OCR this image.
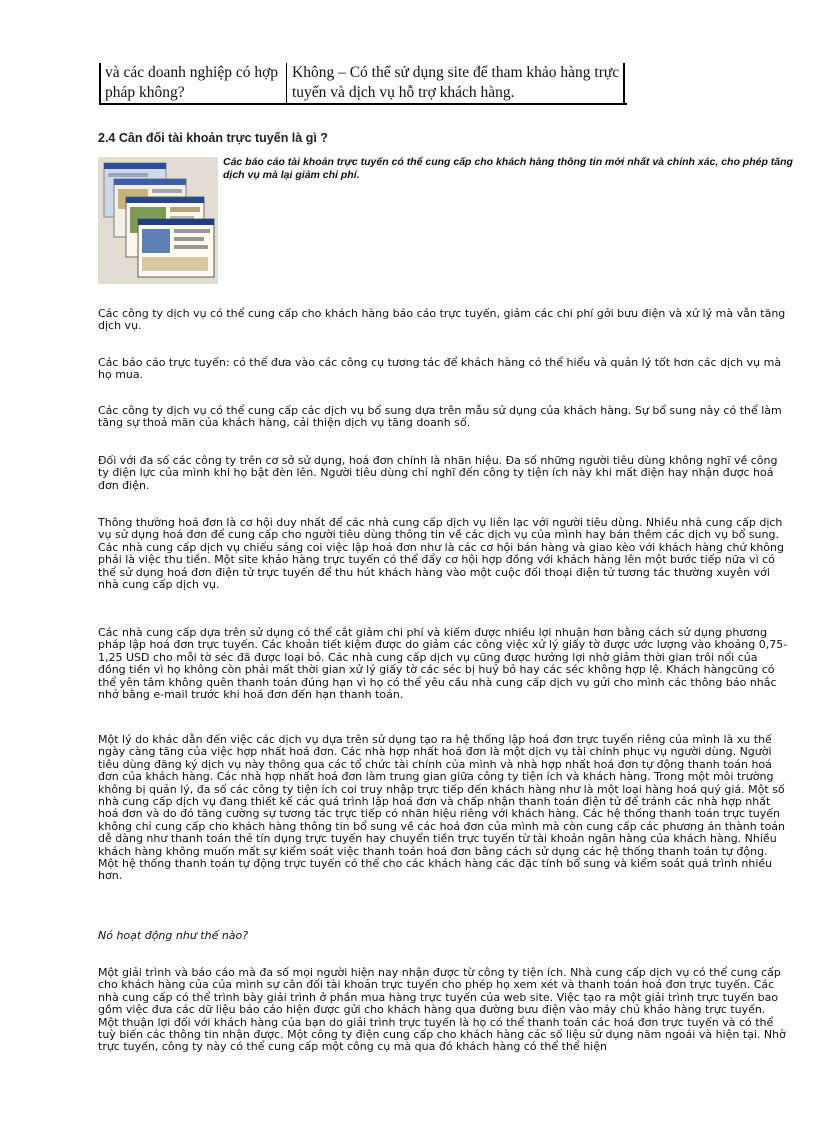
và các doanh nghiệp có hợp pháp không?
Không – Có thể sử dụng site để tham khảo hàng trực tuyến và dịch vụ hỗ trợ khách hàng.
2.4 Cân đối tài khoản trực tuyến là gì ?
Các báo cáo tài khoản trực tuyến có thể cung cấp cho khách hàng thông tin mới nhất và chính xác, cho phép tăng dịch vụ mà lại giảm chi phí.

Các công ty dịch vụ có thể cung cấp cho khách hàng báo cáo trực tuyến, giảm các chi phí gởi bưu điện và xử lý mà vẫn tăng dịch vụ.

Các báo cáo trực tuyến: có thể đưa vào các công cụ tương tác để khách hàng có thể hiểu và quản lý tốt hơn các dịch vụ mà họ mua.

Các công ty dịch vụ có thể cung cấp các dịch vụ bổ sung dựa trên mẫu sử dụng của khách hàng. Sự bổ sung này có thể làm tăng sự thoả mãn của khách hàng, cải thiện dịch vụ tăng doanh số.

Đối với đa số các công ty trên cơ sở sử dụng, hoá đơn chính là nhãn hiệu. Đa số những người tiêu dùng không nghĩ về công ty điện lực của mình khi họ bật đèn lên. Người tiêu dùng chỉ nghĩ đến công ty tiện ích này khi mất điện hay nhận được hoá đơn điện.

Thông thường hoá đơn là cơ hội duy nhất để các nhà cung cấp dịch vụ liên lạc với người tiêu dùng. Nhiều nhà cung cấp dịch vụ sử dụng hoá đơn để cung cấp cho người tiêu dùng thông tin về các dịch vụ của mình hay bán thêm các dịch vụ bổ sung. Các nhà cung cấp dịch vụ chiếu sáng coi việc lập hoá đơn như là các cơ hội bán hàng và giao kèo với khách hàng chứ không phải là việc thu tiền. Một site khảo hàng trực tuyến có thể đẩy cơ hội hợp đồng với khách hàng lên một bước tiếp nữa vì có thể sử dụng hoá đơn điện tử trực tuyến để thu hút khách hàng vào một cuộc đối thoại điện tử tương tác thường xuyên với nhà cung cấp dịch vụ.

Các nhà cung cấp dựa trên sử dụng có thể cắt giảm chi phí và kiếm được nhiều lợi nhuận hơn bằng cách sử dụng phương pháp lập hoá đơn trực tuyến. Các khoản tiết kiệm được do giảm các công việc xử lý giấy tờ được ước lượng vào khoảng 0,75- 1,25 USD cho mỗi tờ séc đã được loại bỏ. Các nhà cung cấp dịch vụ cũng được hưởng lợi nhờ giảm thời gian trôi nổi của đồng tiền vì họ không còn phải mất thời gian xử lý giấy tờ các séc bị huỷ bỏ hay các séc không hợp lệ. Khách hàngcũng có thể yên tâm không quên thanh toán đúng hạn vì họ có thể yêu cầu nhà cung cấp dịch vụ gửi cho mình các thông báo nhắc nhở bằng e-mail trước khi hoá đơn đến hạn thanh toán.

Một lý do khác dẫn đến việc các dịch vụ dựa trên sử dụng tạo ra hệ thống lập hoá đơn trực tuyến riêng của mình là xu thế ngày càng tăng của việc hợp nhất hoá đơn. Các nhà hợp nhất hoá đơn là một dịch vụ tài chính phục vụ người dùng. Người tiêu dùng đăng ký dịch vụ này thông qua các tổ chức tài chính của mình và nhà hợp nhất hoá đơn tự động thanh toán hoá đơn của khách hàng. Các nhà hợp nhất hoá đơn làm trung gian giữa công ty tiện ích và khách hàng. Trong một môi trường không bị quản lý, đa số các công ty tiện ích coi truy nhập trực tiếp đến khách hàng như là một loại hàng hoá quý giá. Một số nhà cung cấp dịch vụ đang thiết kế các quá trình lập hoá đơn và chấp nhận thanh toán điện tử để tránh các nhà hợp nhất hoá đơn và do đó tăng cường sự tương tác trực tiếp có nhãn hiệu riêng với khách hàng. Các hệ thống thanh toán trực tuyến không chỉ cung cấp cho khách hàng thông tin bổ sung về các hoá đơn của mình mà còn cung cấp các phương án thành toán dễ dàng như thanh toán thẻ tín dụng trực tuyến hay chuyển tiền trực tuyến từ tài khoản ngân hàng của khách hàng. Nhiều khách hàng không muốn mất sự kiểm soát việc thanh toán hoá đơn bằng cách sử dụng các hệ thống thanh toán tự động. Một hệ thống thanh toán tự động trực tuyến có thể cho các khách hàng các đặc tính bổ sung và kiểm soát quá trình nhiều hơn.

Nó hoạt động như thế nào?

Một giải trình và báo cáo mà đa số mọi người hiện nay nhận được từ công ty tiện ích. Nhà cung cấp dịch vụ có thể cung cấp cho khách hàng của của mình sự cân đối tài khoản trực tuyến cho phép họ xem xét và thanh toán hoá đơn trực tuyến. Các nhà cung cấp có thể trình bày giải trình ở phần mua hàng trực tuyến của web site. Việc tạo ra một giải trình trực tuyến bao gồm việc đưa các dữ liệu báo cáo hiện được gửi cho khách hàng qua đường bưu điện vào máy chủ khảo hàng trực tuyến. Một thuận lợi đối với khách hàng của bạn do giải trình trực tuyến là họ có thể thanh toán các hoá đơn trực tuyến và có thể tuỳ biến các thông tin nhận được. Một công ty điện cung cấp cho khách hàng các số liệu sử dụng năm ngoái và hiện tại. Nhờ trực tuyến, công ty này có thể cung cấp một công cụ mà qua đó khách hàng có thể thể hiện
